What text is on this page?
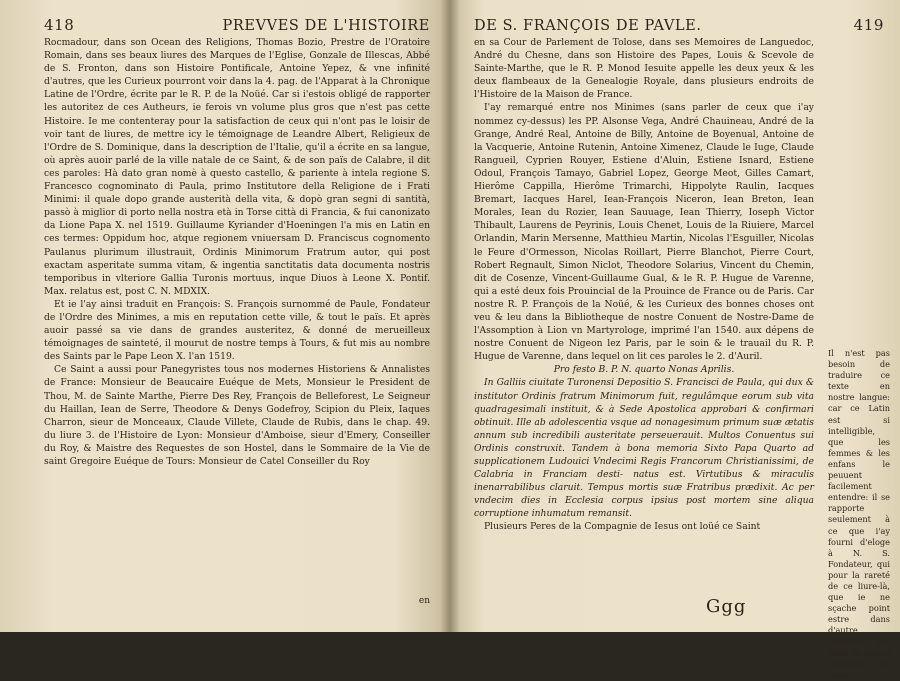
418	PREVVES DE L'HISTOIRE

Rocmadour, dans son Ocean des Religions, Thomas Bozio, Prestre de l'Oratoire Romain, dans ses beaux liures des Marques de l'Eglise, Gonzale de Illescas, Abbé de S. Fronton, dans son Histoire Pontificale, Antoine Yepez, & vne infinité d'autres, que les Curieux pourront voir dans la 4. pag. de l'Apparat à la Chronique Latine de l'Ordre, écrite par le R. P. de la Noüé. Car si i'estois obligé de rapporter les autoritez de ces Autheurs, ie ferois vn volume plus gros que n'est pas cette Histoire. Ie me contenteray pour la satisfaction de ceux qui n'ont pas le loisir de voir tant de liures, de mettre icy le témoignage de Leandre Albert, Religieux de l'Ordre de S. Dominique, dans la description de l'Italie, qu'il a écrite en sa langue, où après auoir parlé de la ville natale de ce Saint, & de son païs de Calabre, il dit ces paroles: Hà dato gran nomè à questo castello, & pariente à intela regione S. Francesco cognominato di Paula, primo Institutore della Religione de i Frati Minimi: il quale dopo grande austerità della vita, & dopò gran segni di santità, passò à miglior di porto nella nostra età in Torse città di Francia, & fui canonizato da Lione Papa X. nel 1519. Guillaume Kyriander d'Hoeningen l'a mis en Latin en ces termes: Oppidum hoc, atque regionem vniuersam D. Franciscus cognomento Paulanus plurimum illustrauit, Ordinis Minimorum Fratrum autor, qui post exactam asperitate summa vitam, & ingentia sanctitatis data documenta nostris temporibus in vlteriore Gallia Turonis mortuus, inque Diuos à Leone X. Pontif. Max. relatus est, post C. N. MDXIX.

Et ie l'ay ainsi traduit en François: S. François surnommé de Paule, Fondateur de l'Ordre des Minimes, a mis en reputation cette ville, & tout le païs. Et après auoir passé sa vie dans de grandes austeritez, & donné de merueilleux témoignages de sainteté, il mourut de nostre temps à Tours, & fut mis au nombre des Saints par le Pape Leon X. l'an 1519.

Ce Saint a aussi pour Panegyristes tous nos modernes Historiens & Annalistes de France: Monsieur de Beaucaire Euéque de Mets, Monsieur le President de Thou, M. de Sainte Marthe, Pierre Des Rey, François de Belleforest, Le Seigneur du Haillan, Iean de Serre, Theodore & Denys Godefroy, Scipion du Pleix, Iaques Charron, sieur de Monceaux, Claude Villete, Claude de Rubis, dans le chap. 49. du liure 3. de l'Histoire de Lyon: Monsieur d'Amboise, sieur d'Emery, Conseiller du Roy, & Maistre des Requestes de son Hostel, dans le Sommaire de la Vie de saint Gregoire Euéque de Tours: Monsieur de Catel Conseiller du Roy

en
DE S. FRANÇOIS DE PAVLE.	419

en sa Cour de Parlement de Tolose, dans ses Memoires de Languedoc, André du Chesne, dans son Histoire des Papes, Louis & Scevole de Sainte-Marthe, que le R. P. Monod Iesuite appelle les deux yeux & les deux flambeaux de la Genealogie Royale, dans plusieurs endroits de l'Histoire de la Maison de France.

I'ay remarqué entre nos Minimes (sans parler de ceux que i'ay nommez cy-dessus) les PP. Alsonse Vega, André Chauineau, André de la Grange, André Real, Antoine de Billy, Antoine de Boyenual, Antoine de la Vacquerie, Antoine Rutenin, Antoine Ximenez, Claude le Iuge, Claude Rangueil, Cyprien Rouyer, Estiene d'Aluin, Estiene Isnard, Estiene Odoul, François Tamayo, Gabriel Lopez, George Meot, Gilles Camart, Hierôme Cappilla, Hierôme Trimarchi, Hippolyte Raulin, Iacques Bremart, Iacques Harel, Iean-François Niceron, Iean Breton, Iean Morales, Iean du Rozier, Iean Sauuage, Iean Thierry, Ioseph Victor Thibault, Laurens de Peyrinis, Louis Chenet, Louis de la Riuiere, Marcel Orlandin, Marin Mersenne, Matthieu Martin, Nicolas l'Esguiller, Nicolas le Feure d'Ormesson, Nicolas Roillart, Pierre Blanchot, Pierre Court, Robert Regnault, Simon Niclot, Theodore Solarius, Vincent du Chemin, dit de Cosenze, Vincent-Guillaume Gual, & le R. P. Hugue de Varenne, qui a esté deux fois Prouincial de la Prouince de France ou de Paris. Car nostre R. P. François de la Noüé, & les Curieux des bonnes choses ont veu & leu dans la Bibliotheque de nostre Conuent de Nostre-Dame de l'Assomption à Lion vn Martyrologe, imprimé l'an 1540. aux dépens de nostre Conuent de Nigeon lez Paris, par le soin & le trauail du R. P. Hugue de Varenne, dans lequel on lit ces paroles le 2. d'Auril.

Pro festo B. P. N. quarto Nonas Aprilis.

In Galliis ciuitate Turonensi Depositio S. Francisci de Paula, qui dux & institutor Ordinis fratrum Minimorum fuit, regulâmque eorum sub vita quadragesimali instituit, & à Sede Apostolica approbari & confirmari obtinuit. Ille ab adolescentia vsque ad nonagesimum primum suæ ætatis annum sub incredibili austeritate perseuerauit. Multos Conuentus sui Ordinis construxit. Tandem à bona memoria Sixto Papa Quarto ad supplicationem Ludouici Vndecimi Regis Francorum Christianissimi, de Calabria in Franciam desti- natus est. Virtutibus & miraculis inenarrabilibus claruit. Tempus mortis suæ Fratribus prædixit. Ac per vndecim dies in Ecclesia corpus ipsius post mortem sine aliqua corruptione inhumatum remansit.

Plusieurs Peres de la Compagnie de Iesus ont loüé ce Saint

Il n'est pas besoin de traduire ce texte en nostre langue: car ce Latin est si intelligible, que les femmes & les enfans le peuuent facilement entendre: il se rapporte seulement à ce que i'ay fourni d'eloge à N. S. Fondateur, qui pour la rareté de ce liure-là, que ie ne sçache point estre dans d'autre Librairie que celle de nostre Conuent de Lyon.
Ggg
